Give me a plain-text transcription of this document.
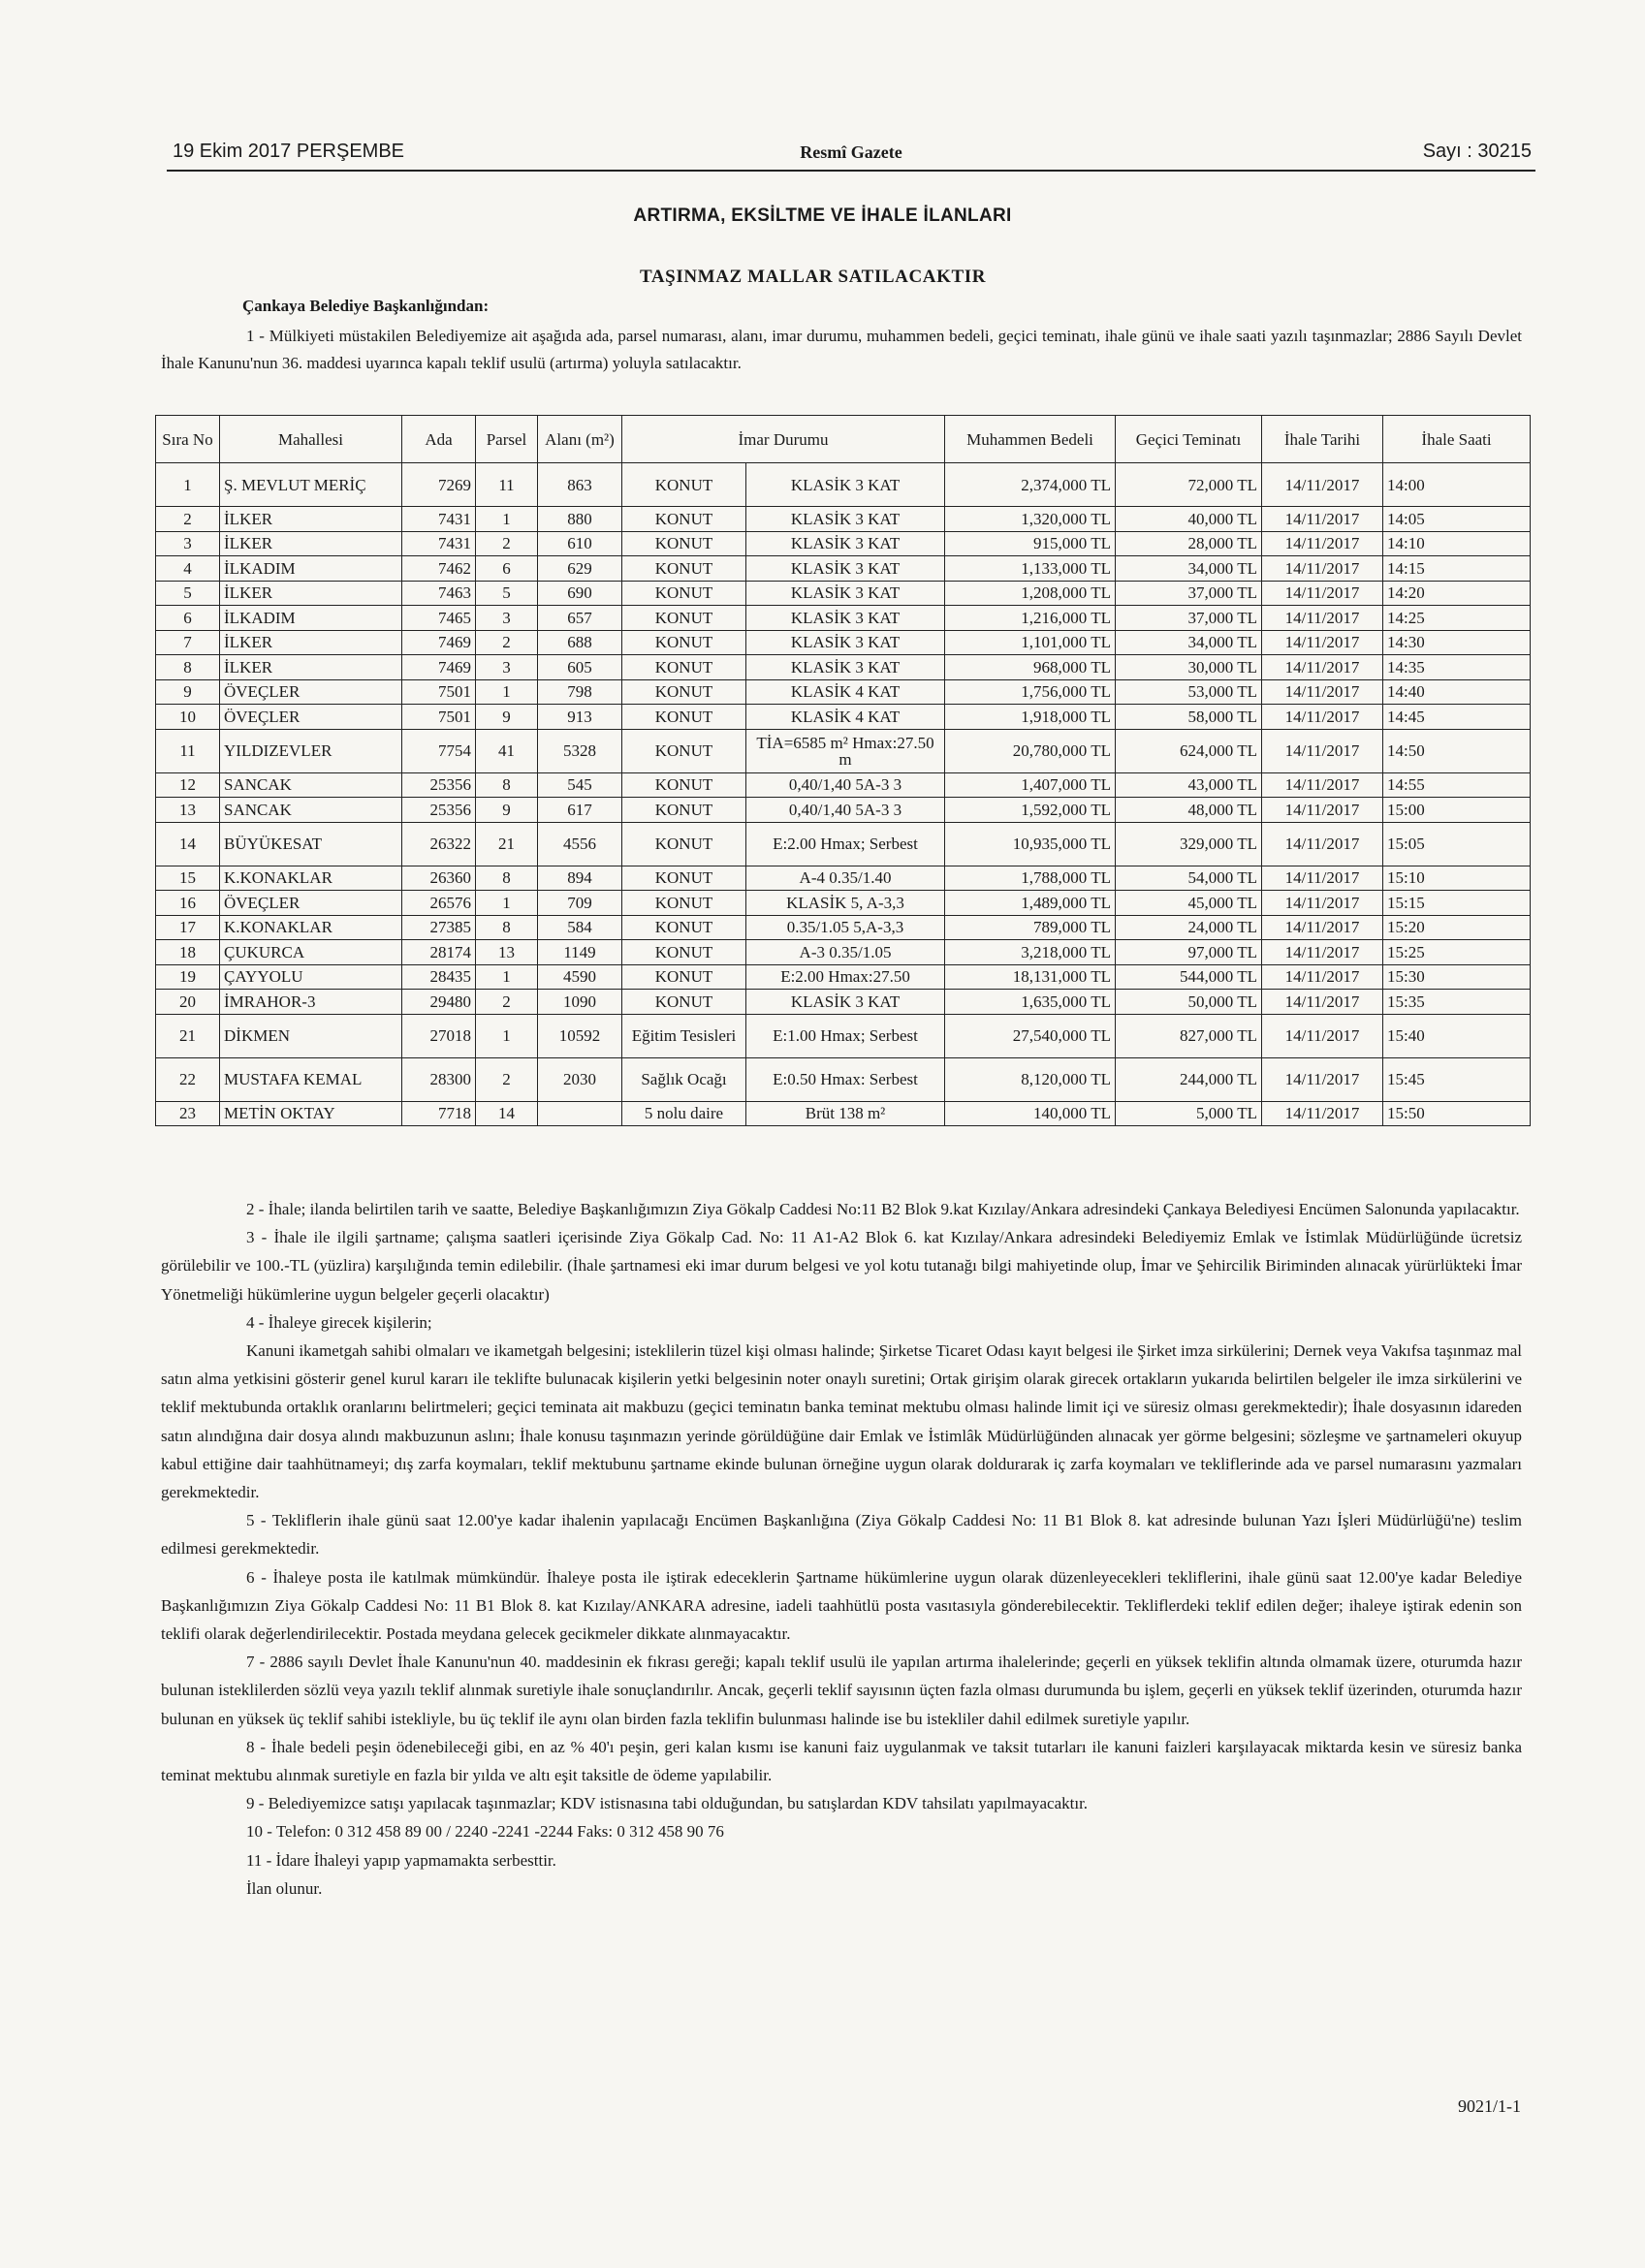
19 Ekim 2017 PERŞEMBE	Resmî Gazete	Sayı : 30215
ARTIRMA, EKSİLTME VE İHALE İLANLARI
TAŞINMAZ MALLAR SATILACAKTIR
Çankaya Belediye Başkanlığından:
1 - Mülkiyeti müstakilen Belediyemize ait aşağıda ada, parsel numarası, alanı, imar durumu, muhammen bedeli, geçici teminatı, ihale günü ve ihale saati yazılı taşınmazlar; 2886 Sayılı Devlet İhale Kanunu'nun 36. maddesi uyarınca kapalı teklif usulü (artırma) yoluyla satılacaktır.
Sıra No	Mahallesi	Ada	Parsel	Alanı (m²)	İmar Durumu		Muhammen Bedeli	Geçici Teminatı	İhale Tarihi	İhale Saati
1	Ş. MEVLUT MERİÇ	7269	11	863	KONUT	KLASİK 3 KAT	2,374,000 TL	72,000 TL	14/11/2017	14:00
2	İLKER	7431	1	880	KONUT	KLASİK 3 KAT	1,320,000 TL	40,000 TL	14/11/2017	14:05
3	İLKER	7431	2	610	KONUT	KLASİK 3 KAT	915,000 TL	28,000 TL	14/11/2017	14:10
4	İLKADIM	7462	6	629	KONUT	KLASİK 3 KAT	1,133,000 TL	34,000 TL	14/11/2017	14:15
5	İLKER	7463	5	690	KONUT	KLASİK 3 KAT	1,208,000 TL	37,000 TL	14/11/2017	14:20
6	İLKADIM	7465	3	657	KONUT	KLASİK 3 KAT	1,216,000 TL	37,000 TL	14/11/2017	14:25
7	İLKER	7469	2	688	KONUT	KLASİK 3 KAT	1,101,000 TL	34,000 TL	14/11/2017	14:30
8	İLKER	7469	3	605	KONUT	KLASİK 3 KAT	968,000 TL	30,000 TL	14/11/2017	14:35
9	ÖVEÇLER	7501	1	798	KONUT	KLASİK 4 KAT	1,756,000 TL	53,000 TL	14/11/2017	14:40
10	ÖVEÇLER	7501	9	913	KONUT	KLASİK 4 KAT	1,918,000 TL	58,000 TL	14/11/2017	14:45
11	YILDIZEVLER	7754	41	5328	KONUT	TİA=6585 m² Hmax:27.50 m	20,780,000 TL	624,000 TL	14/11/2017	14:50
12	SANCAK	25356	8	545	KONUT	0,40/1,40 5A-3 3	1,407,000 TL	43,000 TL	14/11/2017	14:55
13	SANCAK	25356	9	617	KONUT	0,40/1,40 5A-3 3	1,592,000 TL	48,000 TL	14/11/2017	15:00
14	BÜYÜKESAT	26322	21	4556	KONUT	E:2.00 Hmax; Serbest	10,935,000 TL	329,000 TL	14/11/2017	15:05
15	K.KONAKLAR	26360	8	894	KONUT	A-4 0.35/1.40	1,788,000 TL	54,000 TL	14/11/2017	15:10
16	ÖVEÇLER	26576	1	709	KONUT	KLASİK 5, A-3,3	1,489,000 TL	45,000 TL	14/11/2017	15:15
17	K.KONAKLAR	27385	8	584	KONUT	0.35/1.05 5,A-3,3	789,000 TL	24,000 TL	14/11/2017	15:20
18	ÇUKURCA	28174	13	1149	KONUT	A-3 0.35/1.05	3,218,000 TL	97,000 TL	14/11/2017	15:25
19	ÇAYYOLU	28435	1	4590	KONUT	E:2.00 Hmax:27.50	18,131,000 TL	544,000 TL	14/11/2017	15:30
20	İMRAHOR-3	29480	2	1090	KONUT	KLASİK 3 KAT	1,635,000 TL	50,000 TL	14/11/2017	15:35
21	DİKMEN	27018	1	10592	Eğitim Tesisleri	E:1.00 Hmax; Serbest	27,540,000 TL	827,000 TL	14/11/2017	15:40
22	MUSTAFA KEMAL	28300	2	2030	Sağlık Ocağı	E:0.50 Hmax: Serbest	8,120,000 TL	244,000 TL	14/11/2017	15:45
23	METİN OKTAY	7718	14		5 nolu daire	Brüt 138 m²	140,000 TL	5,000 TL	14/11/2017	15:50

2 - İhale; ilanda belirtilen tarih ve saatte, Belediye Başkanlığımızın Ziya Gökalp Caddesi No:11 B2 Blok 9.kat Kızılay/Ankara adresindeki Çankaya Belediyesi Encümen Salonunda yapılacaktır.

3 - İhale ile ilgili şartname; çalışma saatleri içerisinde Ziya Gökalp Cad. No: 11 A1-A2 Blok 6. kat Kızılay/Ankara adresindeki Belediyemiz Emlak ve İstimlak Müdürlüğünde ücretsiz görülebilir ve 100.-TL (yüzlira) karşılığında temin edilebilir. (İhale şartnamesi eki imar durum belgesi ve yol kotu tutanağı bilgi mahiyetinde olup, İmar ve Şehircilik Biriminden alınacak yürürlükteki İmar Yönetmeliği hükümlerine uygun belgeler geçerli olacaktır)

4 - İhaleye girecek kişilerin;

Kanuni ikametgah sahibi olmaları ve ikametgah belgesini; isteklilerin tüzel kişi olması halinde; Şirketse Ticaret Odası kayıt belgesi ile Şirket imza sirkülerini; Dernek veya Vakıfsa taşınmaz mal satın alma yetkisini gösterir genel kurul kararı ile teklifte bulunacak kişilerin yetki belgesinin noter onaylı suretini; Ortak girişim olarak girecek ortakların yukarıda belirtilen belgeler ile imza sirkülerini ve teklif mektubunda ortaklık oranlarını belirtmeleri; geçici teminata ait makbuzu (geçici teminatın banka teminat mektubu olması halinde limit içi ve süresiz olması gerekmektedir); İhale dosyasının idareden satın alındığına dair dosya alındı makbuzunun aslını; İhale konusu taşınmazın yerinde görüldüğüne dair Emlak ve İstimlâk Müdürlüğünden alınacak yer görme belgesini; sözleşme ve şartnameleri okuyup kabul ettiğine dair taahhütnameyi; dış zarfa koymaları, teklif mektubunu şartname ekinde bulunan örneğine uygun olarak doldurarak iç zarfa koymaları ve tekliflerinde ada ve parsel numarasını yazmaları gerekmektedir.

5 - Tekliflerin ihale günü saat 12.00'ye kadar ihalenin yapılacağı Encümen Başkanlığına (Ziya Gökalp Caddesi No: 11 B1 Blok 8. kat adresinde bulunan Yazı İşleri Müdürlüğü'ne) teslim edilmesi gerekmektedir.

6 - İhaleye posta ile katılmak mümkündür. İhaleye posta ile iştirak edeceklerin Şartname hükümlerine uygun olarak düzenleyecekleri tekliflerini, ihale günü saat 12.00'ye kadar Belediye Başkanlığımızın Ziya Gökalp Caddesi No: 11 B1 Blok 8. kat Kızılay/ANKARA adresine, iadeli taahhütlü posta vasıtasıyla gönderebilecektir. Tekliflerdeki teklif edilen değer; ihaleye iştirak edenin son teklifi olarak değerlendirilecektir. Postada meydana gelecek gecikmeler dikkate alınmayacaktır.

7 - 2886 sayılı Devlet İhale Kanunu'nun 40. maddesinin ek fıkrası gereği; kapalı teklif usulü ile yapılan artırma ihalelerinde; geçerli en yüksek teklifin altında olmamak üzere, oturumda hazır bulunan isteklilerden sözlü veya yazılı teklif alınmak suretiyle ihale sonuçlandırılır. Ancak, geçerli teklif sayısının üçten fazla olması durumunda bu işlem, geçerli en yüksek teklif üzerinden, oturumda hazır bulunan en yüksek üç teklif sahibi istekliyle, bu üç teklif ile aynı olan birden fazla teklifin bulunması halinde ise bu istekliler dahil edilmek suretiyle yapılır.

8 - İhale bedeli peşin ödenebileceği gibi, en az % 40'ı peşin, geri kalan kısmı ise kanuni faiz uygulanmak ve taksit tutarları ile kanuni faizleri karşılayacak miktarda kesin ve süresiz banka teminat mektubu alınmak suretiyle en fazla bir yılda ve altı eşit taksitle de ödeme yapılabilir.

9 - Belediyemizce satışı yapılacak taşınmazlar; KDV istisnasına tabi olduğundan, bu satışlardan KDV tahsilatı yapılmayacaktır.

10 - Telefon: 0 312 458 89 00 / 2240 -2241 -2244 Faks: 0 312 458 90 76

11 - İdare İhaleyi yapıp yapmamakta serbesttir.

İlan olunur.

9021/1-1
